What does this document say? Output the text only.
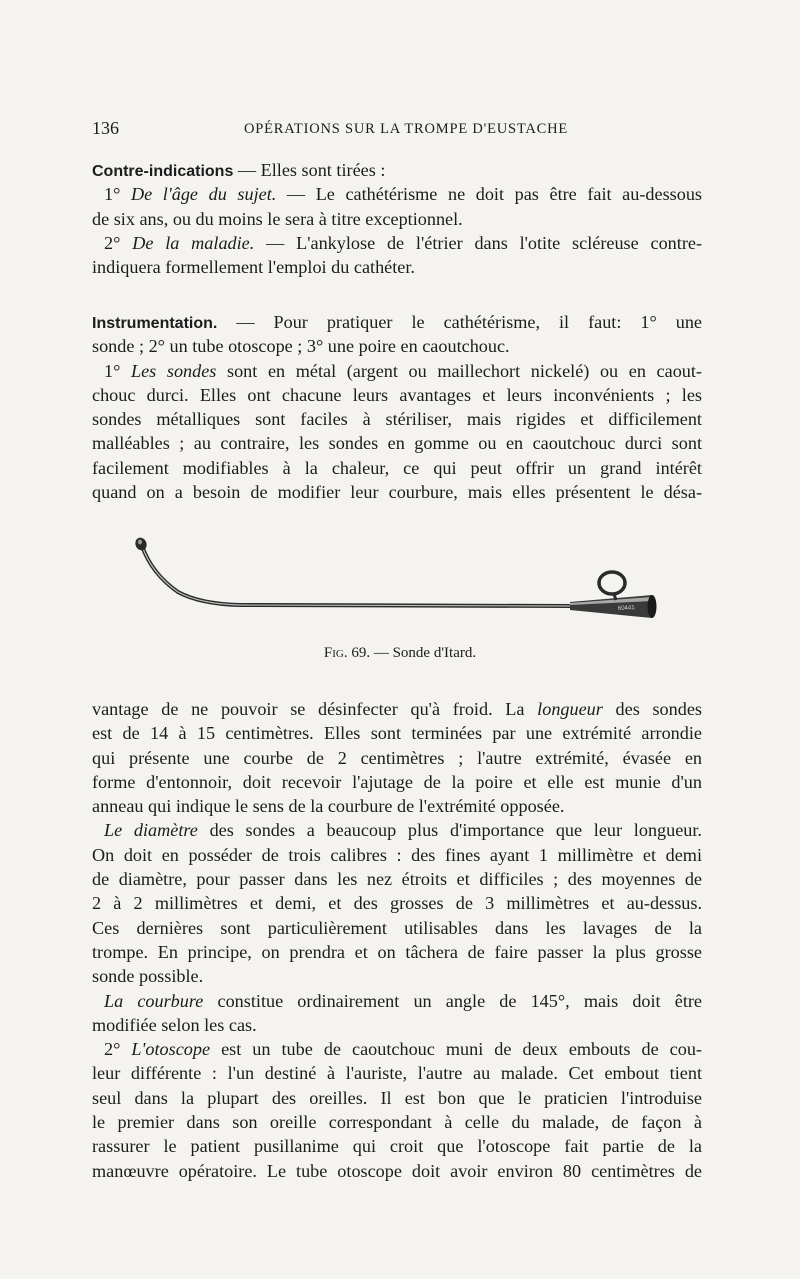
136	OPÉRATIONS SUR LA TROMPE D'EUSTACHE
Contre-indications — Elles sont tirées :
1° De l'âge du sujet. — Le cathétérisme ne doit pas être fait au-dessous
de six ans, ou du moins le sera à titre exceptionnel.
2° De la maladie. — L'ankylose de l'étrier dans l'otite scléreuse contre-
indiquera formellement l'emploi du cathéter.
Instrumentation. — Pour pratiquer le cathétérisme, il faut: 1° une
sonde ; 2° un tube otoscope ; 3° une poire en caoutchouc.
1° Les sondes sont en métal (argent ou maillechort nickelé) ou en caout-
chouc durci. Elles ont chacune leurs avantages et leurs inconvénients ; les
sondes métalliques sont faciles à stériliser, mais rigides et difficilement
malléables ; au contraire, les sondes en gomme ou en caoutchouc durci sont
facilement modifiables à la chaleur, ce qui peut offrir un grand intérêt
quand on a besoin de modifier leur courbure, mais elles présentent le désa-
60441
Fig. 69. — Sonde d'Itard.
vantage de ne pouvoir se désinfecter qu'à froid. La longueur des sondes
est de 14 à 15 centimètres. Elles sont terminées par une extrémité arrondie
qui présente une courbe de 2 centimètres ; l'autre extrémité, évasée en
forme d'entonnoir, doit recevoir l'ajutage de la poire et elle est munie d'un
anneau qui indique le sens de la courbure de l'extrémité opposée.
Le diamètre des sondes a beaucoup plus d'importance que leur longueur.
On doit en posséder de trois calibres : des fines ayant 1 millimètre et demi
de diamètre, pour passer dans les nez étroits et difficiles ; des moyennes de
2 à 2 millimètres et demi, et des grosses de 3 millimètres et au-dessus.
Ces dernières sont particulièrement utilisables dans les lavages de la
trompe. En principe, on prendra et on tâchera de faire passer la plus grosse
sonde possible.
La courbure constitue ordinairement un angle de 145°, mais doit être
modifiée selon les cas.
2° L'otoscope est un tube de caoutchouc muni de deux embouts de cou-
leur différente : l'un destiné à l'auriste, l'autre au malade. Cet embout tient
seul dans la plupart des oreilles. Il est bon que le praticien l'introduise
le premier dans son oreille correspondant à celle du malade, de façon à
rassurer le patient pusillanime qui croit que l'otoscope fait partie de la
manœuvre opératoire. Le tube otoscope doit avoir environ 80 centimètres de
